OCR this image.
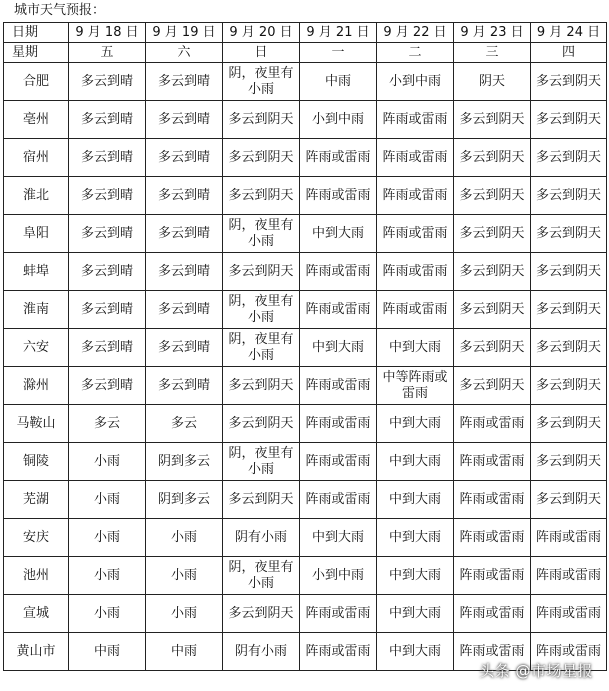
城市天气预报：
日期	9 月 18 日	9 月 19 日	9 月 20 日	9 月 21 日	9 月 22 日	9 月 23 日	9 月 24 日
星期	五	六	日	一	二	三	四
合肥	多云到晴	多云到晴	阴，夜里有小雨	中雨	小到中雨	阴天	多云到阴天
亳州	多云到晴	多云到晴	多云到阴天	小到中雨	阵雨或雷雨	多云到阴天	多云到阴天
宿州	多云到晴	多云到晴	多云到阴天	阵雨或雷雨	阵雨或雷雨	多云到阴天	多云到阴天
淮北	多云到晴	多云到晴	多云到阴天	阵雨或雷雨	阵雨或雷雨	多云到阴天	多云到阴天
阜阳	多云到晴	多云到晴	阴，夜里有小雨	中到大雨	阵雨或雷雨	多云到阴天	多云到阴天
蚌埠	多云到晴	多云到晴	多云到阴天	阵雨或雷雨	阵雨或雷雨	多云到阴天	多云到阴天
淮南	多云到晴	多云到晴	阴，夜里有小雨	阵雨或雷雨	阵雨或雷雨	多云到阴天	多云到阴天
六安	多云到晴	多云到晴	阴，夜里有小雨	中到大雨	中到大雨	多云到阴天	多云到阴天
滁州	多云到晴	多云到晴	多云到阴天	阵雨或雷雨	中等阵雨或雷雨	多云到阴天	多云到阴天
马鞍山	多云	多云	多云到阴天	阵雨或雷雨	中到大雨	阵雨或雷雨	多云到阴天
铜陵	小雨	阴到多云	阴，夜里有小雨	阵雨或雷雨	中到大雨	阵雨或雷雨	多云到阴天
芜湖	小雨	阴到多云	多云到阴天	阵雨或雷雨	中到大雨	阵雨或雷雨	多云到阴天
安庆	小雨	小雨	阴有小雨	中到大雨	中到大雨	阵雨或雷雨	阵雨或雷雨
池州	小雨	小雨	阴，夜里有小雨	小到中雨	中到大雨	阵雨或雷雨	阵雨或雷雨
宣城	小雨	小雨	多云到阴天	阵雨或雷雨	中到大雨	阵雨或雷雨	阵雨或雷雨
黄山市	中雨	中雨	阴有小雨	阵雨或雷雨	中到大雨	阵雨或雷雨	阵雨或雷雨
头条 @市场星报
